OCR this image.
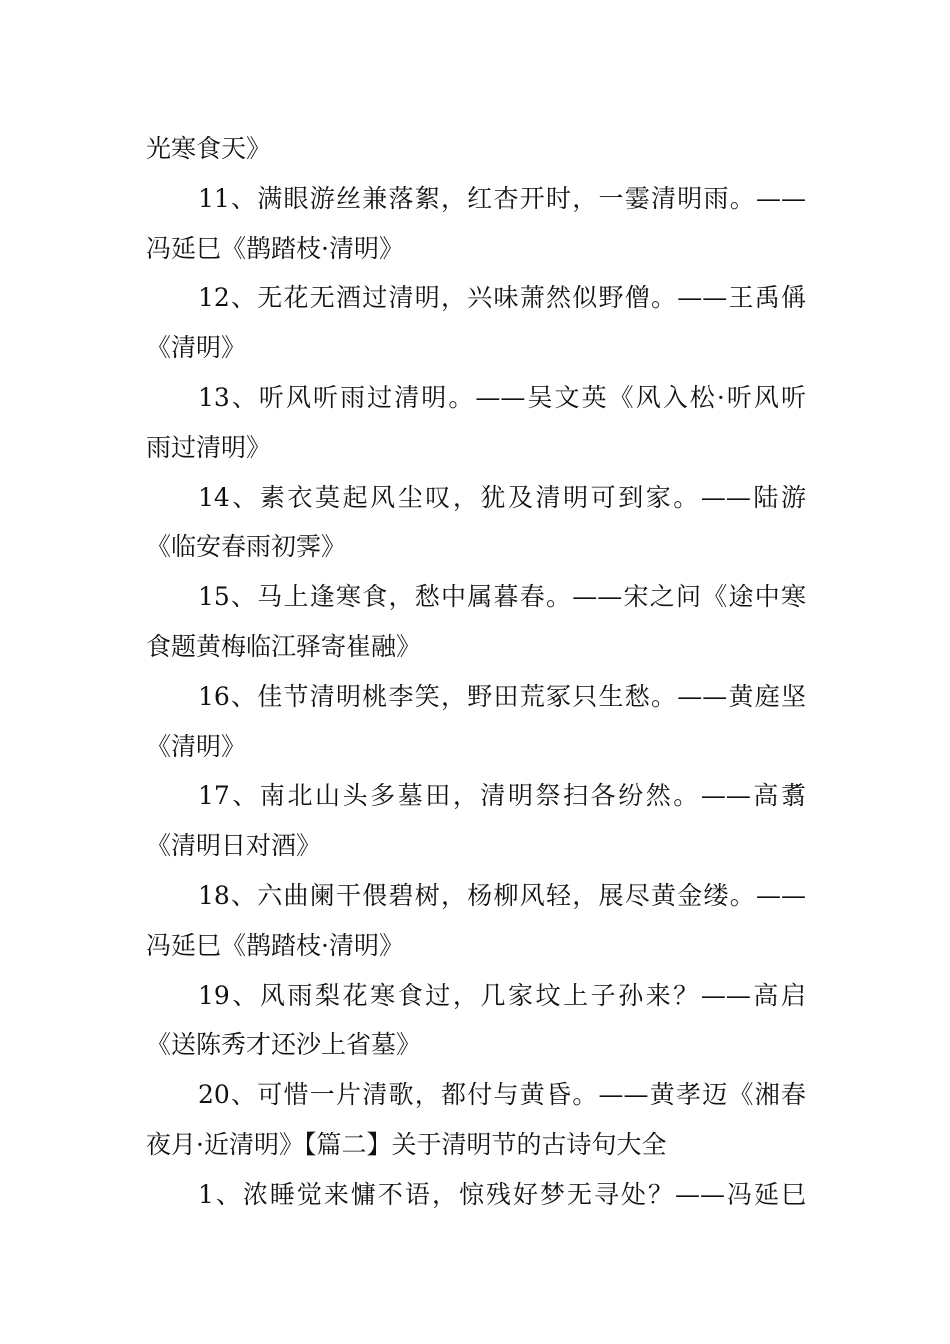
光寒食天》
11、满眼游丝兼落絮，红杏开时，一霎清明雨。——
冯延巳《鹊踏枝·清明》
12、无花无酒过清明，兴味萧然似野僧。——王禹偁
《清明》
13、听风听雨过清明。——吴文英《风入松·听风听
雨过清明》
14、素衣莫起风尘叹，犹及清明可到家。——陆游
《临安春雨初霁》
15、马上逢寒食，愁中属暮春。——宋之问《途中寒
食题黄梅临江驿寄崔融》
16、佳节清明桃李笑，野田荒冢只生愁。——黄庭坚
《清明》
17、南北山头多墓田，清明祭扫各纷然。——高翥
《清明日对酒》
18、六曲阑干偎碧树，杨柳风轻，展尽黄金缕。——
冯延巳《鹊踏枝·清明》
19、风雨梨花寒食过，几家坟上子孙来？——高启
《送陈秀才还沙上省墓》
20、可惜一片清歌，都付与黄昏。——黄孝迈《湘春
夜月·近清明》【篇二】关于清明节的古诗句大全
1、浓睡觉来慵不语，惊残好梦无寻处？——冯延巳
